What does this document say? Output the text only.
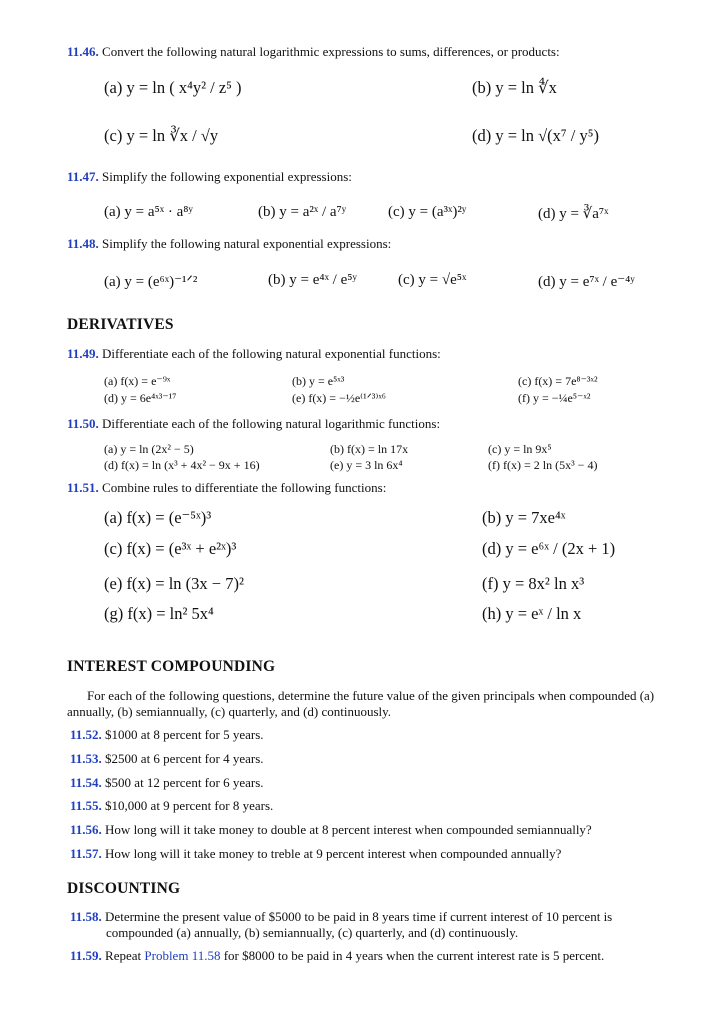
11.46. Convert the following natural logarithmic expressions to sums, differences, or products:
(a) y = ln ( x⁴y² / z⁵ )	(b) y = ln ∜x
(c) y = ln ∛x / √y	(d) y = ln √(x⁷ / y⁵)
11.47. Simplify the following exponential expressions:
(a) y = a⁵ˣ · a⁸ʸ	(b) y = a²ˣ / a⁷ʸ	(c) y = (a³ˣ)²ʸ	(d) y = ∛a⁷ˣ
11.48. Simplify the following natural exponential expressions:
(a) y = (e⁶ˣ)⁻¹ᐟ²	(b) y = e⁴ˣ / e⁵ʸ	(c) y = √e⁵ˣ	(d) y = e⁷ˣ / e⁻⁴ʸ
DERIVATIVES
11.49. Differentiate each of the following natural exponential functions:
(a) f(x) = e⁻⁹ˣ	(b) y = e⁵ˣ³	(c) f(x) = 7e⁸⁻³ˣ²
(d) y = 6e⁴ˣ³⁻¹⁷	(e) f(x) = −½e⁽¹ᐟ³⁾ˣ⁶	(f) y = −¼e⁵⁻ˣ²
11.50. Differentiate each of the following natural logarithmic functions:
(a) y = ln (2x² − 5)	(b) f(x) = ln 17x	(c) y = ln 9x⁵
(d) f(x) = ln (x³ + 4x² − 9x + 16)	(e) y = 3 ln 6x⁴	(f) f(x) = 2 ln (5x³ − 4)
11.51. Combine rules to differentiate the following functions:
(a) f(x) = (e⁻⁵ˣ)³	(b) y = 7xe⁴ˣ
(c) f(x) = (e³ˣ + e²ˣ)³	(d) y = e⁶ˣ / (2x + 1)
(e) f(x) = ln (3x − 7)²	(f) y = 8x² ln x³
(g) f(x) = ln² 5x⁴	(h) y = eˣ / ln x
INTEREST COMPOUNDING
For each of the following questions, determine the future value of the given principals when compounded (a) annually, (b) semiannually, (c) quarterly, and (d) continuously.
11.52. $1000 at 8 percent for 5 years.
11.53. $2500 at 6 percent for 4 years.
11.54. $500 at 12 percent for 6 years.
11.55. $10,000 at 9 percent for 8 years.
11.56. How long will it take money to double at 8 percent interest when compounded semiannually?
11.57. How long will it take money to treble at 9 percent interest when compounded annually?
DISCOUNTING
11.58. Determine the present value of $5000 to be paid in 8 years time if current interest of 10 percent is
compounded (a) annually, (b) semiannually, (c) quarterly, and (d) continuously.
11.59. Repeat Problem 11.58 for $8000 to be paid in 4 years when the current interest rate is 5 percent.
